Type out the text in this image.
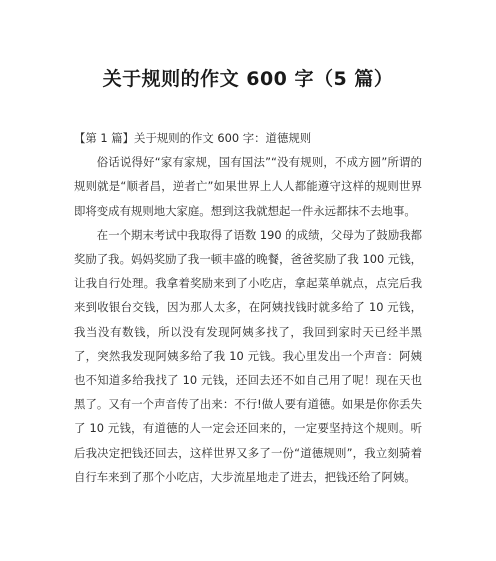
关于规则的作文 600 字（5 篇）

【第 1 篇】关于规则的作文 600 字：道德规则

俗话说得好“家有家规，国有国法”“没有规则，不成方圆”所谓的规则就是“顺者昌，逆者亡”如果世界上人人都能遵守这样的规则世界即将变成有规则地大家庭。想到这我就想起一件永远都抹不去地事。

在一个期末考试中我取得了语数 190 的成绩，父母为了鼓励我都奖励了我。妈妈奖励了我一顿丰盛的晚餐，爸爸奖励了我 100 元钱，让我自行处理。我拿着奖励来到了小吃店，拿起菜单就点，点完后我来到收银台交钱，因为那人太多，在阿姨找钱时就多给了 10 元钱，我当没有数钱，所以没有发现阿姨多找了，我回到家时天已经半黑了，突然我发现阿姨多给了我 10 元钱。我心里发出一个声音：阿姨也不知道多给我找了 10 元钱，还回去还不如自己用了呢！现在天也黑了。又有一个声音传了出来：不行!做人要有道德。如果是你你丢失了 10 元钱，有道德的人一定会还回来的，一定要坚持这个规则。听后我决定把钱还回去，这样世界又多了一份“道德规则”，我立刻骑着自行车来到了那个小吃店，大步流星地走了进去，把钱还给了阿姨。
